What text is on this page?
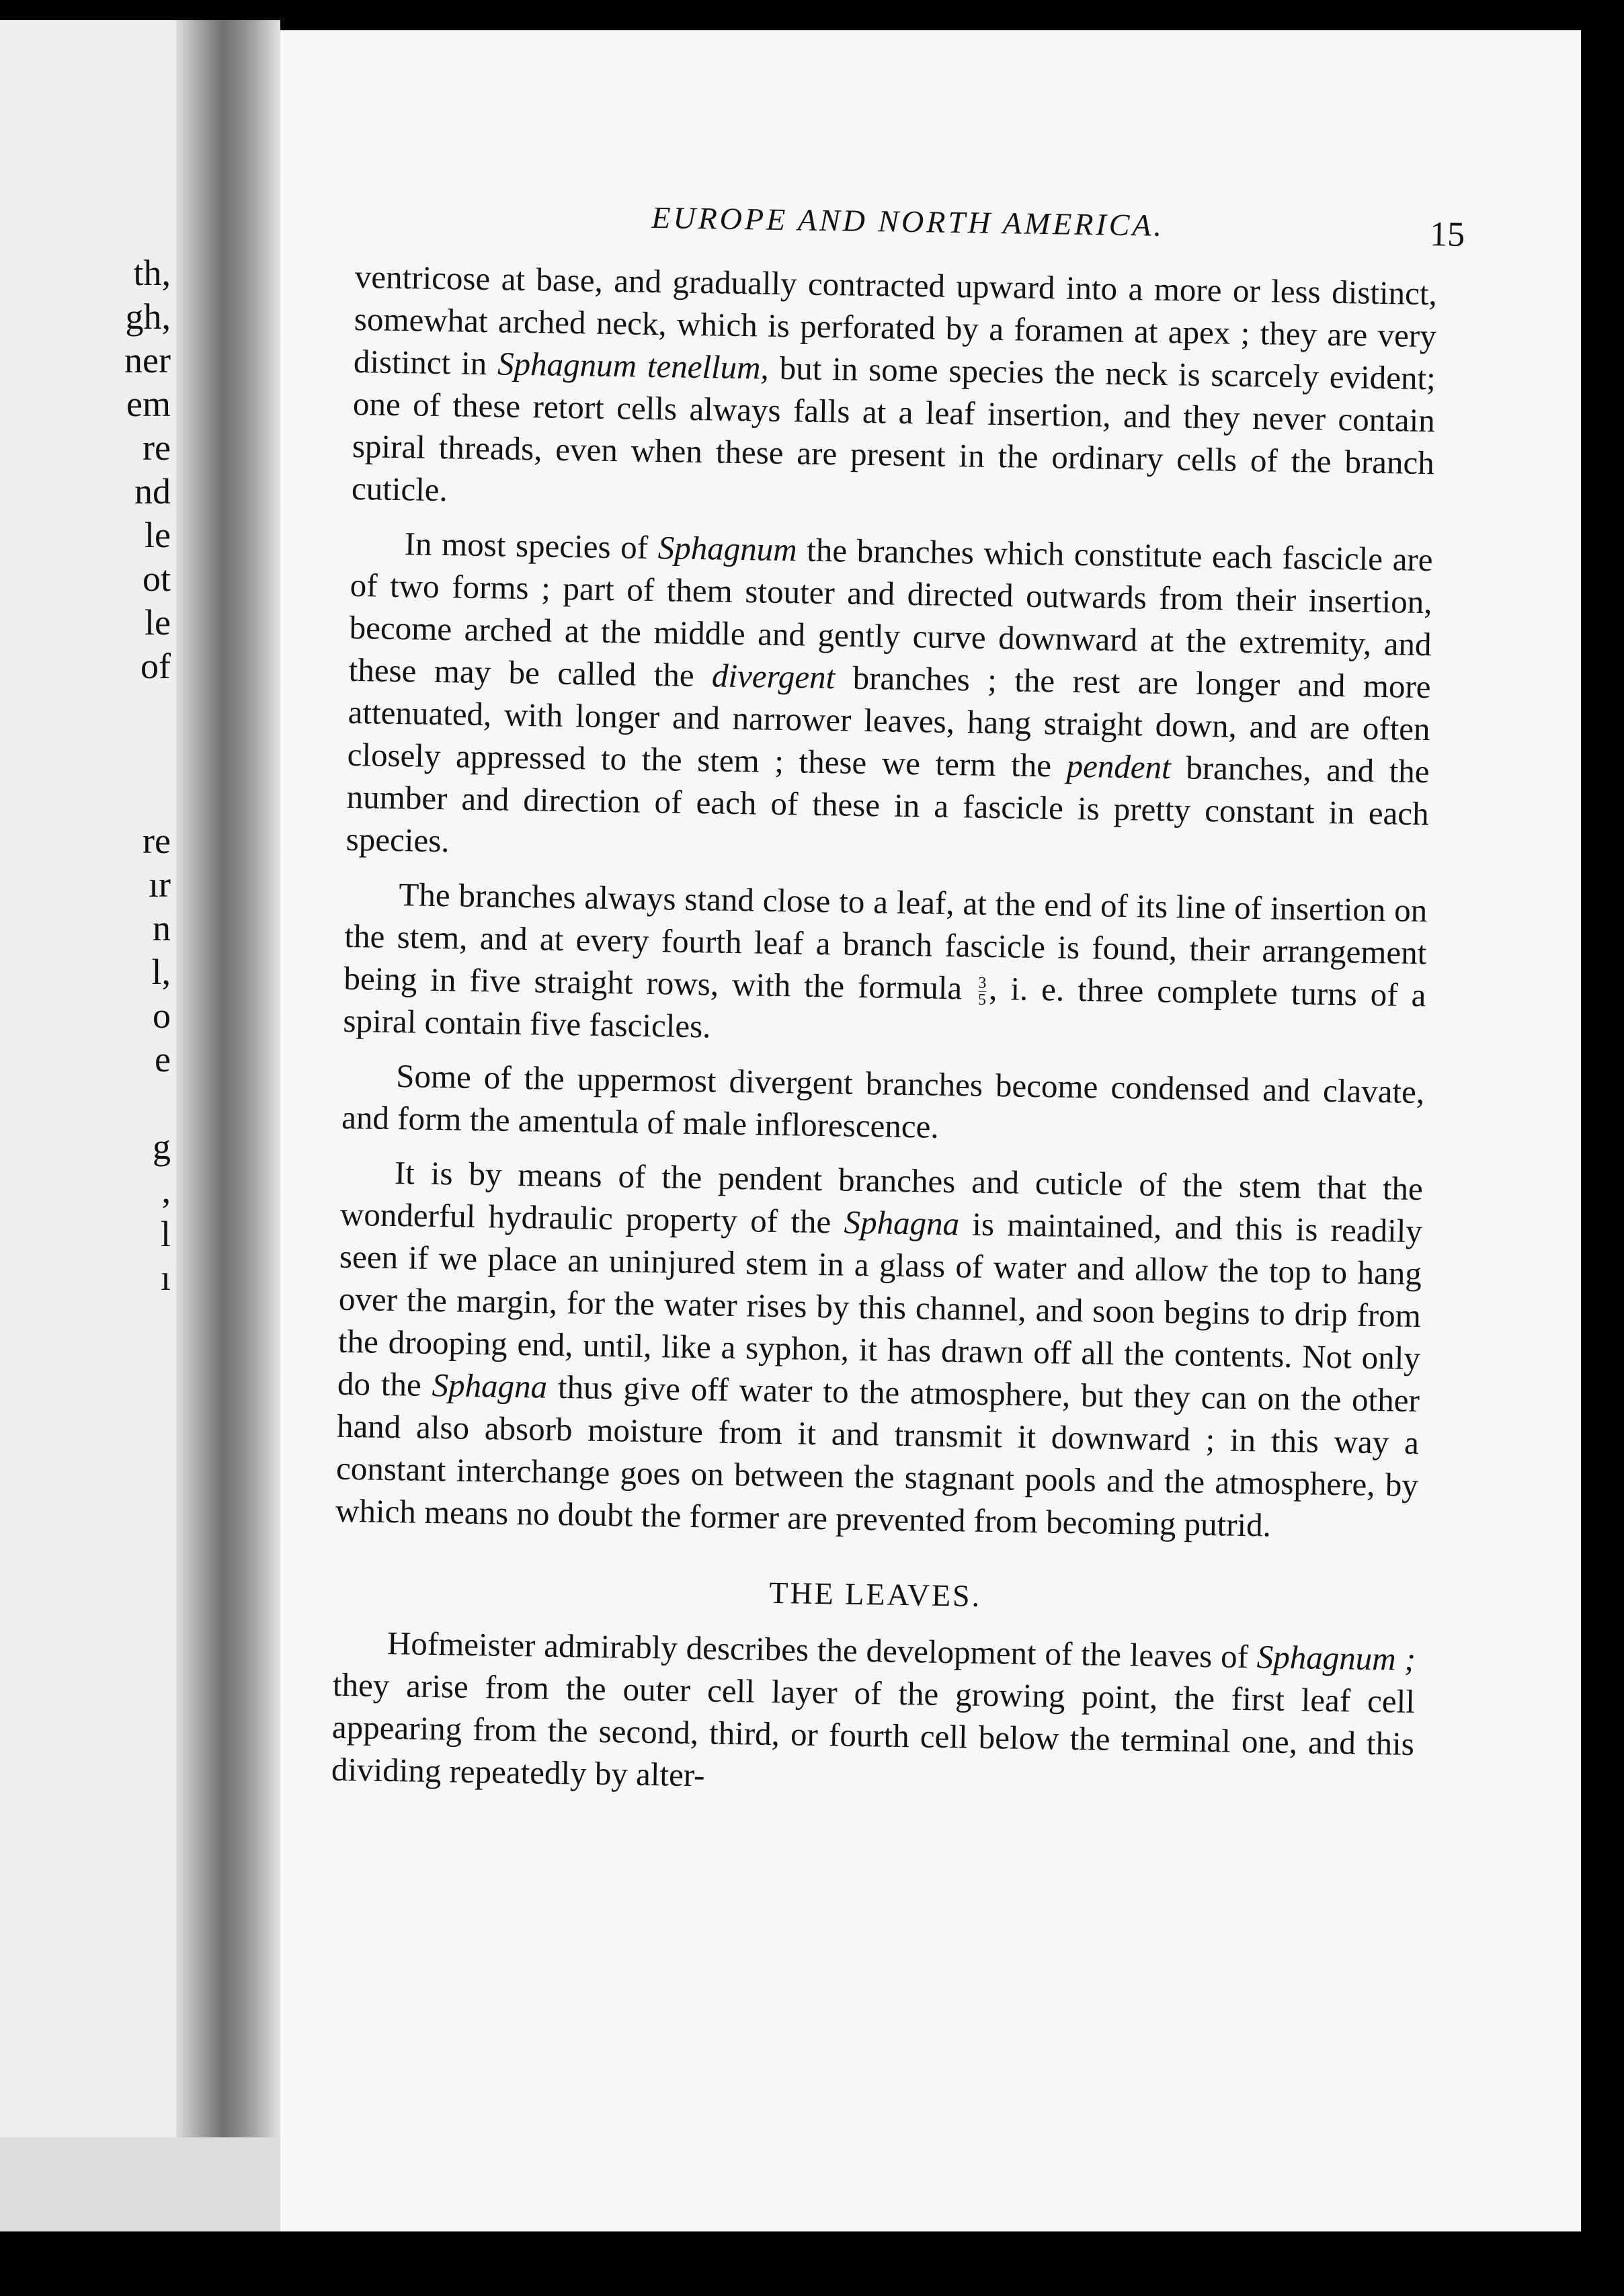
th,
gh,
ner
em
re
nd
le
ot
le
of
re
ır
n
l,
o
e
g
,
l
ı
EUROPE AND NORTH AMERICA.	15

ventricose at base, and gradually contracted upward into a more or less distinct, somewhat arched neck, which is perforated by a foramen at apex ; they are very distinct in Sphagnum tenellum, but in some species the neck is scarcely evident; one of these retort cells always falls at a leaf insertion, and they never contain spiral threads, even when these are present in the ordinary cells of the branch cuticle.

In most species of Sphagnum the branches which constitute each fascicle are of two forms ; part of them stouter and directed outwards from their insertion, become arched at the middle and gently curve downward at the extremity, and these may be called the divergent branches ; the rest are longer and more attenuated, with longer and narrower leaves, hang straight down, and are often closely appressed to the stem ; these we term the pendent branches, and the number and direction of each of these in a fascicle is pretty constant in each species.

The branches always stand close to a leaf, at the end of its line of insertion on the stem, and at every fourth leaf a branch fascicle is found, their arrangement being in five straight rows, with the formula $\frac{3}{5}$ , i. e. three complete turns of a spiral contain five fascicles.

Some of the uppermost divergent branches become condensed and clavate, and form the amentula of male inflorescence.

It is by means of the pendent branches and cuticle of the stem that the wonderful hydraulic property of the Sphagna is maintained, and this is readily seen if we place an uninjured stem in a glass of water and allow the top to hang over the margin, for the water rises by this channel, and soon begins to drip from the drooping end, until, like a syphon, it has drawn off all the contents. Not only do the Sphagna thus give off water to the atmosphere, but they can on the other hand also absorb moisture from it and transmit it downward ; in this way a constant interchange goes on between the stagnant pools and the atmosphere, by which means no doubt the former are prevented from becoming putrid.

THE LEAVES.

Hofmeister admirably describes the development of the leaves of Sphagnum ; they arise from the outer cell layer of the growing point, the first leaf cell appearing from the second, third, or fourth cell below the terminal one, and this dividing repeatedly by alter-
